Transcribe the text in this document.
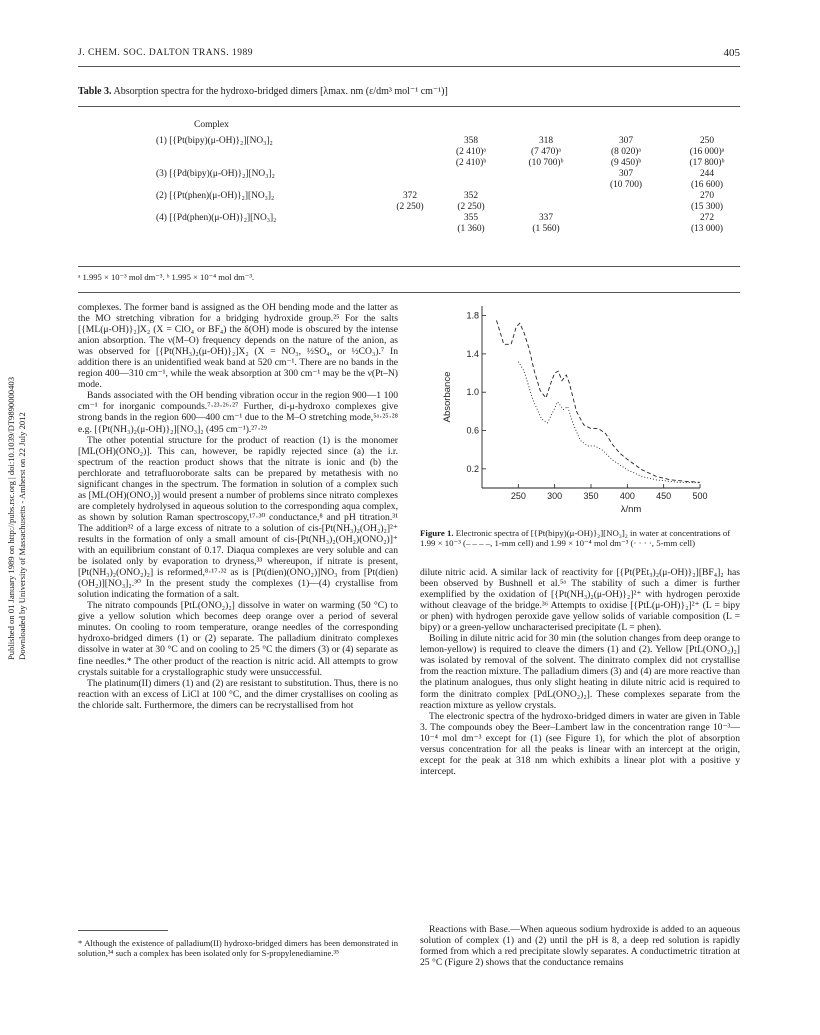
Published on 01 January 1989 on http://pubs.rsc.org | doi:10.1039/DT9890000403 Downloaded by University of Massachusetts - Amherst on 22 July 2012
J. CHEM. SOC. DALTON TRANS. 1989	405
Table 3. Absorption spectra for the hydroxo-bridged dimers [λmax. nm (ε/dm³ mol⁻¹ cm⁻¹)]
Complex
(1) [{Pt(bipy)(μ-OH)}₂][NO₃]₂		358	318	307	250
		(2 410)ᵃ	(7 470)ᵃ	(8 020)ᵃ	(16 000)ᵃ
		(2 410)ᵇ	(10 700)ᵇ	(9 450)ᵇ	(17 800)ᵇ
(3) [{Pd(bipy)(μ-OH)}₂][NO₃]₂				307	244
				(10 700)	(16 600)
(2) [{Pt(phen)(μ-OH)}₂][NO₃]₂	372	352			270
	(2 250)	(2 250)			(15 300)
(4) [{Pd(phen)(μ-OH)}₂][NO₃]₂		355	337		272
		(1 360)	(1 560)		(13 000)
ᵃ 1.995 × 10⁻³ mol dm⁻³. ᵇ 1.995 × 10⁻⁴ mol dm⁻³.

complexes. The former band is assigned as the OH bending mode and the latter as the MO stretching vibration for a bridging hydroxide group.²⁵ For the salts [{ML(μ-OH)}₂]X₂ (X = ClO₄ or BF₄) the δ(OH) mode is obscured by the intense anion absorption. The ν(M–O) frequency depends on the nature of the anion, as was observed for [{Pt(NH₃)₂(μ-OH)}₂]X₂ (X = NO₃, ½SO₄, or ½CO₃).⁷ In addition there is an unidentified weak band at 520 cm⁻¹. There are no bands in the region 400—310 cm⁻¹, while the weak absorption at 300 cm⁻¹ may be the ν(Pt–N) mode.

Bands associated with the OH bending vibration occur in the region 900—1 100 cm⁻¹ for inorganic compounds.⁷·²³·²⁶·²⁷ Further, di-μ-hydroxo complexes give strong bands in the region 600—400 cm⁻¹ due to the M–O stretching mode,⁵ᵃ·²⁵·²⁸ e.g. [{Pt(NH₃)₂(μ-OH)}₂][NO₃]₂ (495 cm⁻¹).²⁷·²⁹

The other potential structure for the product of reaction (1) is the monomer [ML(OH)(ONO₂)]. This can, however, be rapidly rejected since (a) the i.r. spectrum of the reaction product shows that the nitrate is ionic and (b) the perchlorate and tetrafluoroborate salts can be prepared by metathesis with no significant changes in the spectrum. The formation in solution of a complex such as [ML(OH)(ONO₂)] would present a number of problems since nitrato complexes are completely hydrolysed in aqueous solution to the corresponding aqua complex, as shown by solution Raman spectroscopy,¹⁷·³⁰ conductance,⁸ and pH titration.³¹ The addition³² of a large excess of nitrate to a solution of cis-[Pt(NH₃)₂(OH₂)₂]²⁺ results in the formation of only a small amount of cis-[Pt(NH₃)₂(OH₂)(ONO₂)]⁺ with an equilibrium constant of 0.17. Diaqua complexes are very soluble and can be isolated only by evaporation to dryness,³³ whereupon, if nitrate is present, [Pt(NH₃)₂(ONO₂)₂] is reformed,⁸·¹⁷·³² as is [Pt(dien)(ONO₂)]NO₃ from [Pt(dien)(OH₂)][NO₃]₂.³⁰ In the present study the complexes (1)—(4) crystallise from solution indicating the formation of a salt.

The nitrato compounds [PtL(ONO₂)₂] dissolve in water on warming (50 °C) to give a yellow solution which becomes deep orange over a period of several minutes. On cooling to room temperature, orange needles of the corresponding hydroxo-bridged dimers (1) or (2) separate. The palladium dinitrato complexes dissolve in water at 30 °C and on cooling to 25 °C the dimers (3) or (4) separate as fine needles.* The other product of the reaction is nitric acid. All attempts to grow crystals suitable for a crystallographic study were unsuccessful.

The platinum(II) dimers (1) and (2) are resistant to substitution. Thus, there is no reaction with an excess of LiCl at 100 °C, and the dimer crystallises on cooling as the chloride salt. Furthermore, the dimers can be recrystallised from hot

250 300 350 400 450 500
0.2
0.6
1.0
1.4
1.8
λ/nm
Absorbance
Figure 1. Electronic spectra of [{Pt(bipy)(μ-OH)}₂][NO₃]₂ in water at concentrations of 1.99 × 10⁻³ (– – – –, 1-mm cell) and 1.99 × 10⁻⁴ mol dm⁻³ (· · · ·, 5-mm cell)

dilute nitric acid. A similar lack of reactivity for [{Pt(PEt₃)₂(μ-OH)}₂][BF₄]₂ has been observed by Bushnell et al.⁵ᵃ The stability of such a dimer is further exemplified by the oxidation of [{Pt(NH₃)₂(μ-OH)}₂]²⁺ with hydrogen peroxide without cleavage of the bridge.³⁶ Attempts to oxidise [{PtL(μ-OH)}₂]²⁺ (L = bipy or phen) with hydrogen peroxide gave yellow solids of variable composition (L = bipy) or a green-yellow uncharacterised precipitate (L = phen).

Boiling in dilute nitric acid for 30 min (the solution changes from deep orange to lemon-yellow) is required to cleave the dimers (1) and (2). Yellow [PtL(ONO₂)₂] was isolated by removal of the solvent. The dinitrato complex did not crystallise from the reaction mixture. The palladium dimers (3) and (4) are more reactive than the platinum analogues, thus only slight heating in dilute nitric acid is required to form the dinitrato complex [PdL(ONO₂)₂]. These complexes separate from the reaction mixture as yellow crystals.

The electronic spectra of the hydroxo-bridged dimers in water are given in Table 3. The compounds obey the Beer–Lambert law in the concentration range 10⁻³—10⁻⁴ mol dm⁻³ except for (1) (see Figure 1), for which the plot of absorption versus concentration for all the peaks is linear with an intercept at the origin, except for the peak at 318 nm which exhibits a linear plot with a positive y intercept.

Reactions with Base.—When aqueous sodium hydroxide is added to an aqueous solution of complex (1) and (2) until the pH is 8, a deep red solution is rapidly formed from which a red precipitate slowly separates. A conductimetric titration at 25 °C (Figure 2) shows that the conductance remains

* Although the existence of palladium(II) hydroxo-bridged dimers has been demonstrated in solution,³⁴ such a complex has been isolated only for S-propylenediamine.³⁵
